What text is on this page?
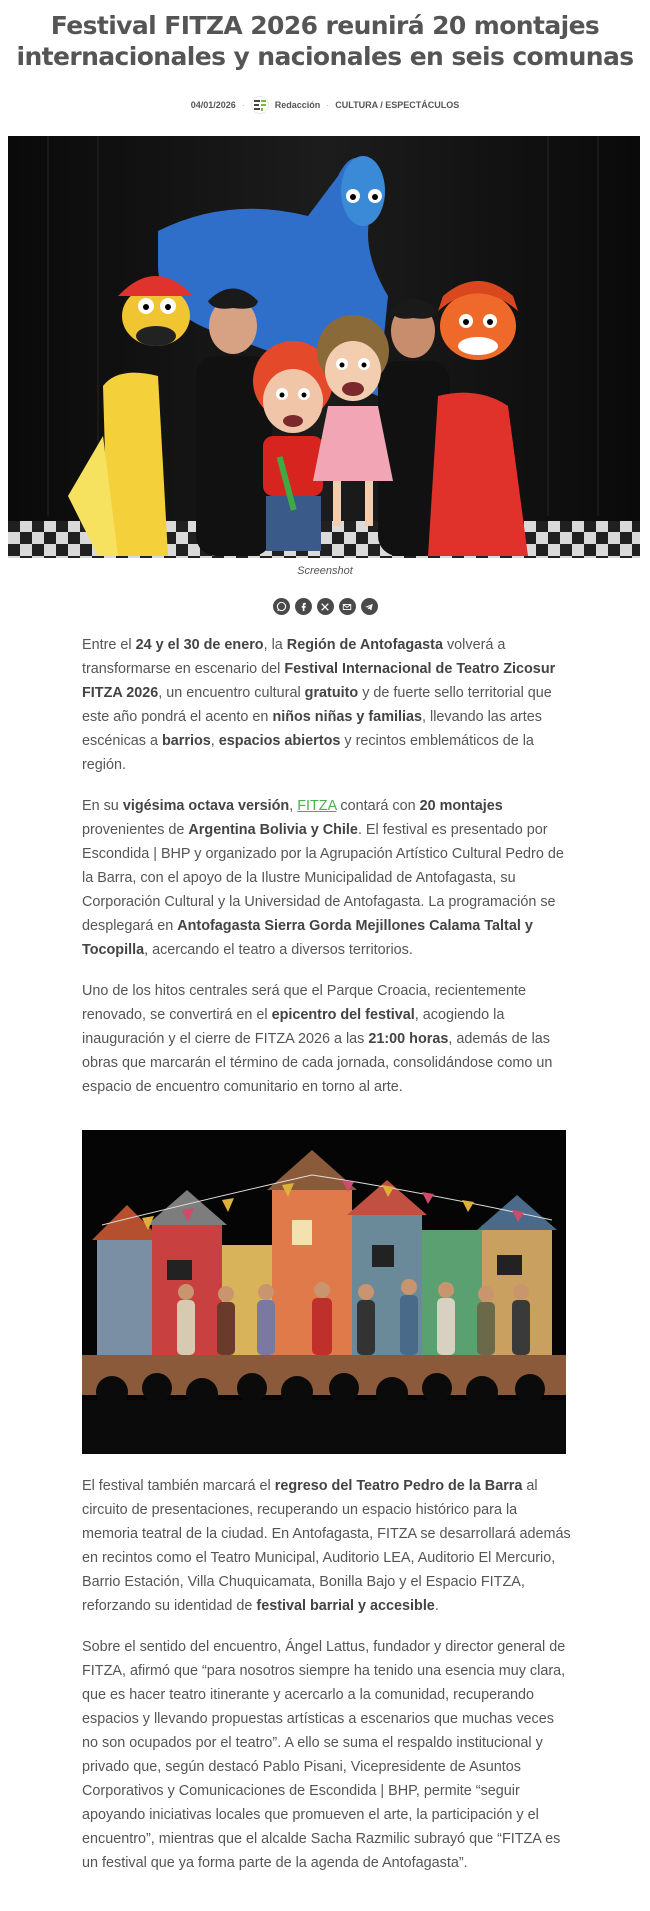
Festival FITZA 2026 reunirá 20 montajes internacionales y nacionales en seis comunas
04/01/2026 ·	Redacción · CULTURA / ESPECTÁCULOS
Screenshot

Entre el 24 y el 30 de enero, la Región de Antofagasta volverá a transformarse en escenario del Festival Internacional de Teatro Zicosur FITZA 2026, un encuentro cultural gratuito y de fuerte sello territorial que este año pondrá el acento en niños niñas y familias, llevando las artes escénicas a barrios, espacios abiertos y recintos emblemáticos de la región.

En su vigésima octava versión, FITZA contará con 20 montajes provenientes de Argentina Bolivia y Chile. El festival es presentado por Escondida | BHP y organizado por la Agrupación Artístico Cultural Pedro de la Barra, con el apoyo de la Ilustre Municipalidad de Antofagasta, su Corporación Cultural y la Universidad de Antofagasta. La programación se desplegará en Antofagasta Sierra Gorda Mejillones Calama Taltal y Tocopilla, acercando el teatro a diversos territorios.

Uno de los hitos centrales será que el Parque Croacia, recientemente renovado, se convertirá en el epicentro del festival, acogiendo la inauguración y el cierre de FITZA 2026 a las 21:00 horas, además de las obras que marcarán el término de cada jornada, consolidándose como un espacio de encuentro comunitario en torno al arte.

El festival también marcará el regreso del Teatro Pedro de la Barra al circuito de presentaciones, recuperando un espacio histórico para la memoria teatral de la ciudad. En Antofagasta, FITZA se desarrollará además en recintos como el Teatro Municipal, Auditorio LEA, Auditorio El Mercurio, Barrio Estación, Villa Chuquicamata, Bonilla Bajo y el Espacio FITZA, reforzando su identidad de festival barrial y accesible.

Sobre el sentido del encuentro, Ángel Lattus, fundador y director general de FITZA, afirmó que “para nosotros siempre ha tenido una esencia muy clara, que es hacer teatro itinerante y acercarlo a la comunidad, recuperando espacios y llevando propuestas artísticas a escenarios que muchas veces no son ocupados por el teatro”. A ello se suma el respaldo institucional y privado que, según destacó Pablo Pisani, Vicepresidente de Asuntos Corporativos y Comunicaciones de Escondida | BHP, permite “seguir apoyando iniciativas locales que promueven el arte, la participación y el encuentro”, mientras que el alcalde Sacha Razmilic subrayó que “FITZA es un festival que ya forma parte de la agenda de Antofagasta”.
